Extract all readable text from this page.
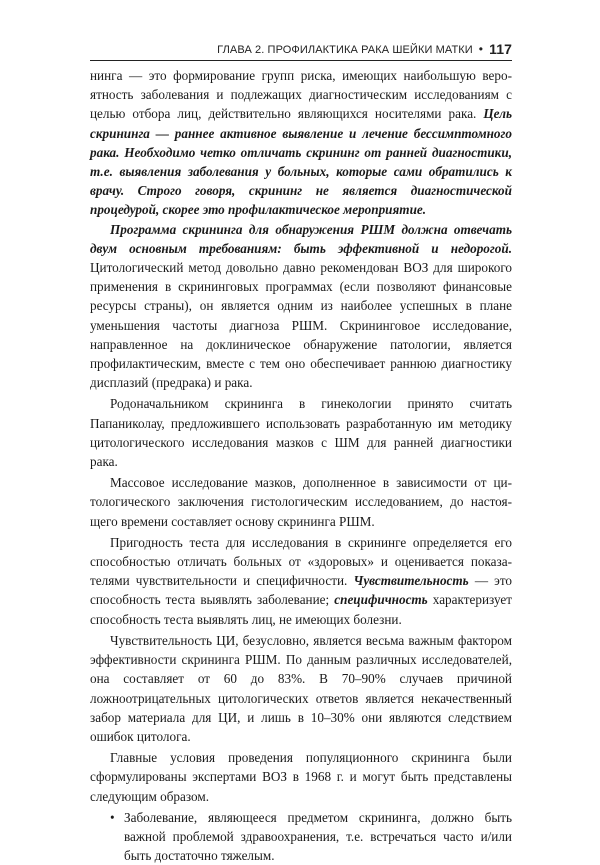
ГЛАВА 2. ПРОФИЛАКТИКА РАКА ШЕЙКИ МАТКИ • 117

нинга — это формирование групп риска, имеющих наибольшую вероятность заболевания и подлежащих диагностическим исследованиям с целью отбора лиц, действительно являющихся носителями рака. Цель скрининга — раннее активное выявление и лечение бессимптомного рака. Необходимо четко отличать скрининг от ранней диагностики, т.е. выявления заболевания у больных, которые сами обратились к врачу. Строго говоря, скрининг не является диагностической процедурой, скорее это профилактическое мероприятие.

Программа скрининга для обнаружения РШМ должна отвечать двум основным требованиям: быть эффективной и недорогой. Цитологический метод довольно давно рекомендован ВОЗ для широкого применения в скрининговых программах (если позволяют финансовые ресурсы страны), он является одним из наиболее успешных в плане уменьшения частоты диагноза РШМ. Скрининговое исследование, направленное на доклиническое обнаружение патологии, является профилактическим, вместе с тем оно обеспечивает раннюю диагностику дисплазий (предрака) и рака.

Родоначальником скрининга в гинекологии принято считать Папаниколау, предложившего использовать разработанную им методику цитологического исследования мазков с ШМ для ранней диагностики рака.

Массовое исследование мазков, дополненное в зависимости от цитологического заключения гистологическим исследованием, до настоящего времени составляет основу скрининга РШМ.

Пригодность теста для исследования в скрининге определяется его способностью отличать больных от «здоровых» и оценивается показателями чувствительности и специфичности. Чувствительность — это способность теста выявлять заболевание; специфичность характеризует способность теста выявлять лиц, не имеющих болезни.

Чувствительность ЦИ, безусловно, является весьма важным фактором эффективности скрининга РШМ. По данным различных исследователей, она составляет от 60 до 83%. В 70–90% случаев причиной ложноотрицательных цитологических ответов является некачественный забор материала для ЦИ, и лишь в 10–30% они являются следствием ошибок цитолога.

Главные условия проведения популяционного скрининга были сформулированы экспертами ВОЗ в 1968 г. и могут быть представлены следующим образом.

• Заболевание, являющееся предметом скрининга, должно быть важной проблемой здравоохранения, т.е. встречаться часто и/или быть достаточно тяжелым.
